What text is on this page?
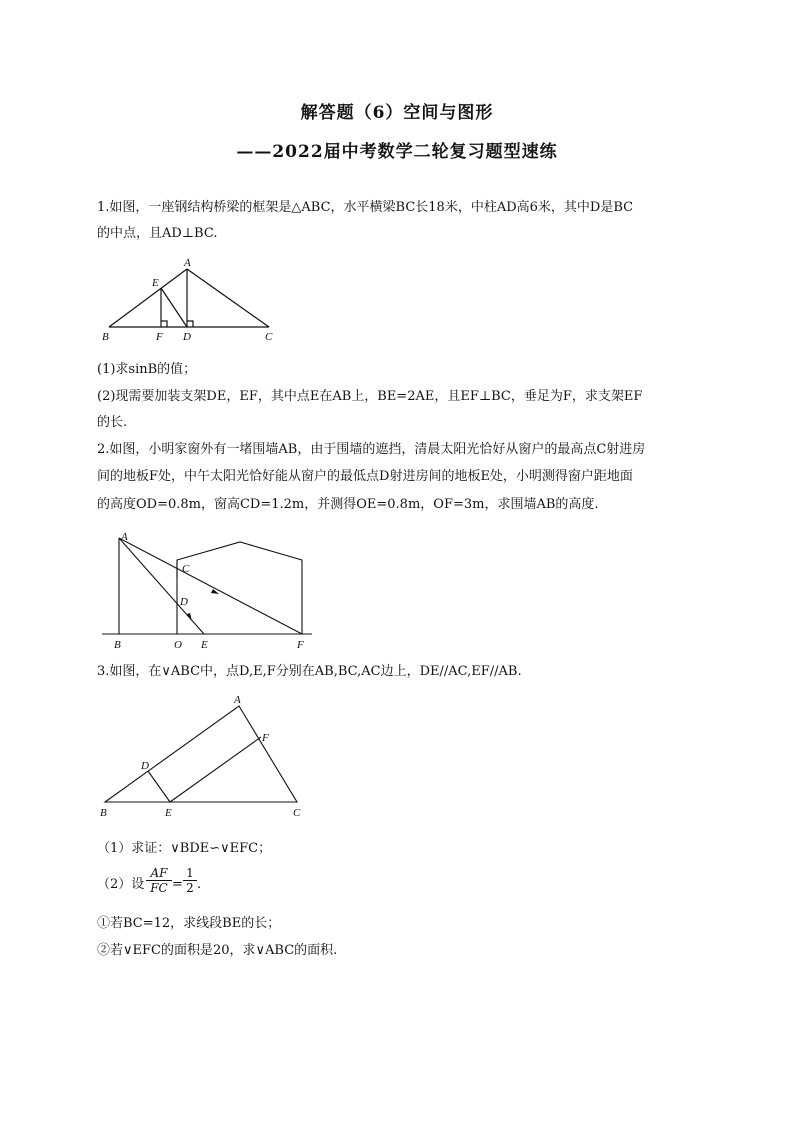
解答题（6）空间与图形
——2022届中考数学二轮复习题型速练
1.如图，一座钢结构桥梁的框架是△ABC，水平横梁BC长18米，中柱AD高6米，其中D是BC
的中点，且AD⊥BC.
A
B	C
D
E
F
(1)求sinB的值；
(2)现需要加装支架DE，EF，其中点E在AB上，BE=2AE，且EF⊥BC，垂足为F，求支架EF
的长.
2.如图，小明家窗外有一堵围墙AB，由于围墙的遮挡，清晨太阳光恰好从窗户的最高点C射进房
间的地板F处，中午太阳光恰好能从窗户的最低点D射进房间的地板E处，小明测得窗户距地面
的高度OD=0.8m，窗高CD=1.2m，并测得OE=0.8m，OF=3m，求围墙AB的高度.
A
B
C
D
O E	F
3.如图，在∨ABC中，点D,E,F分别在AB,BC,AC边上，DE//AC,EF//AB.
A
B	C
D
E
F
（1）求证：∨BDE∽∨EFC；
（2）设 $\frac{AF}{FC} = \frac{1}{2}$ .
①若BC=12，求线段BE的长；
②若∨EFC的面积是20，求∨ABC的面积.
